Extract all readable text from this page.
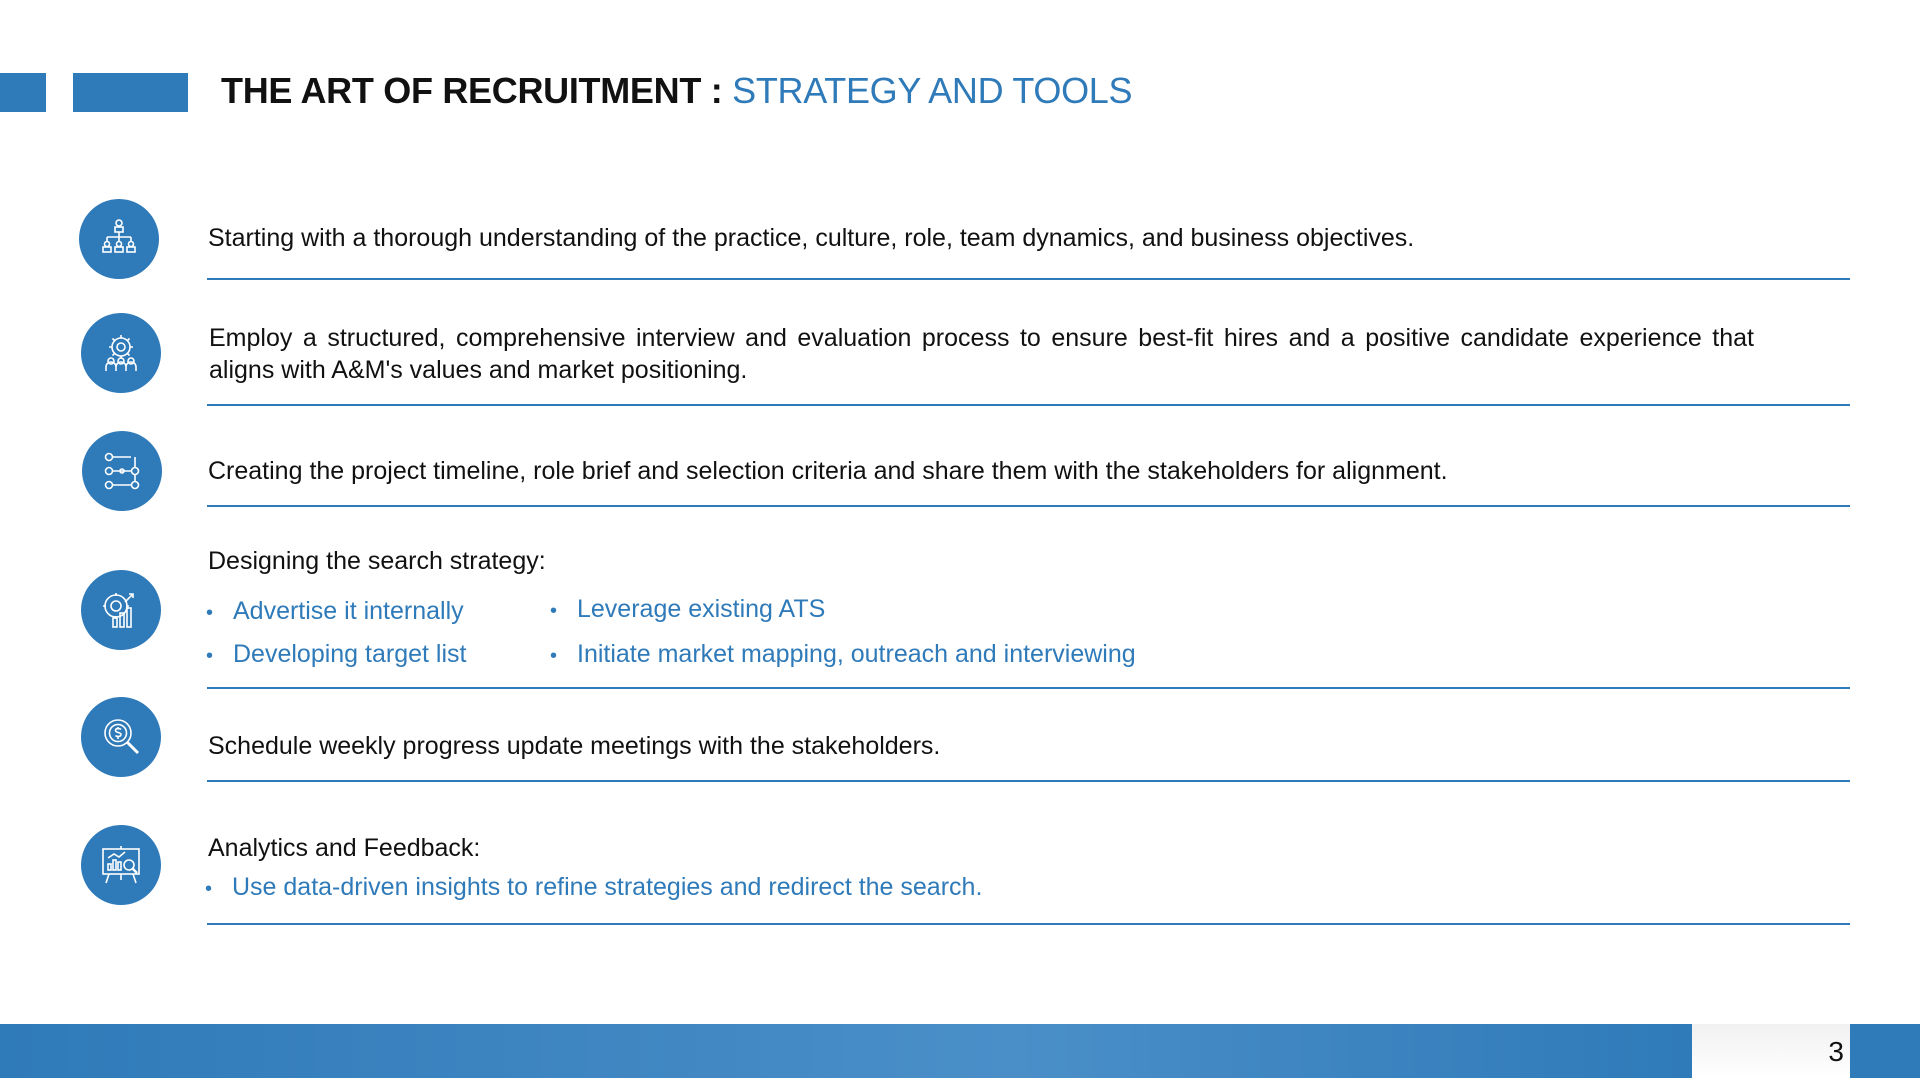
THE ART OF RECRUITMENT : STRATEGY AND TOOLS
Starting with a thorough understanding of the practice, culture, role, team dynamics, and business objectives.
Employ a structured, comprehensive interview and evaluation process to ensure best-fit hires and a positive candidate experience that aligns with A&M's values and market positioning.
Creating the project timeline, role brief and selection criteria and share them with the stakeholders for alignment.
Designing the search strategy:
• Advertise it internally	• Leverage existing ATS
• Developing target list	• Initiate market mapping, outreach and interviewing
Schedule weekly progress update meetings with the stakeholders.
Analytics and Feedback:
• Use data-driven insights to refine strategies and redirect the search.
3
